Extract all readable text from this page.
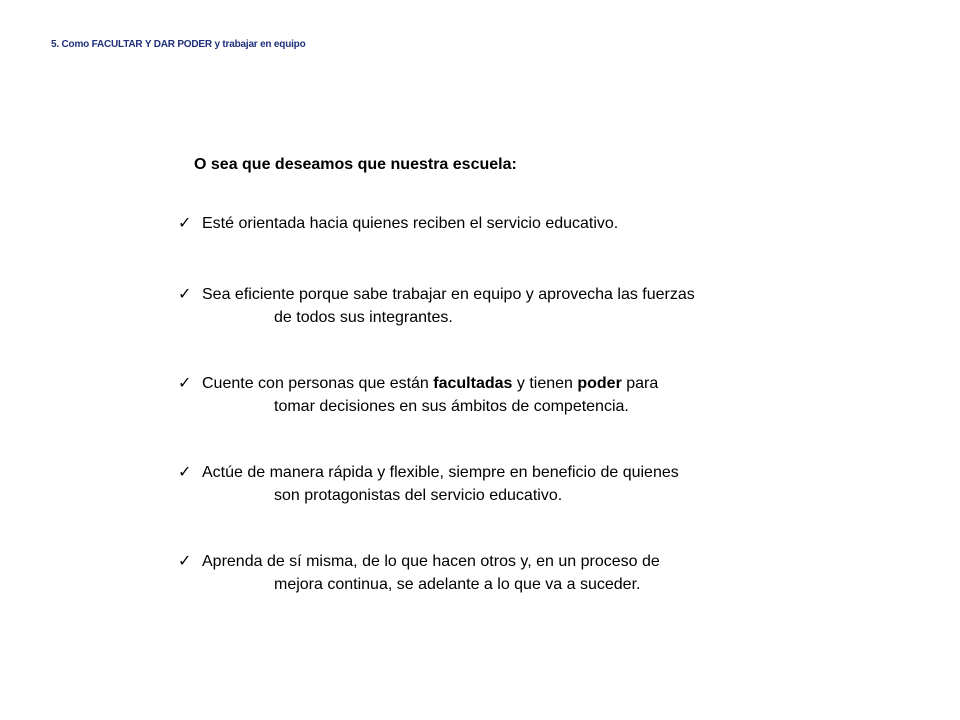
5. Como FACULTAR Y DAR PODER y trabajar en equipo
O sea que deseamos que nuestra escuela:
✓ Esté orientada hacia quienes reciben el servicio educativo.
✓ Sea eficiente porque sabe trabajar en equipo y aprovecha las fuerzas
de todos sus integrantes.
✓ Cuente con personas que están facultadas y tienen poder para
tomar decisiones en sus ámbitos de competencia.
✓ Actúe de manera rápida y flexible, siempre en beneficio de quienes
son protagonistas del servicio educativo.
✓ Aprenda de sí misma, de lo que hacen otros y, en un proceso de
mejora continua, se adelante a lo que va a suceder.
